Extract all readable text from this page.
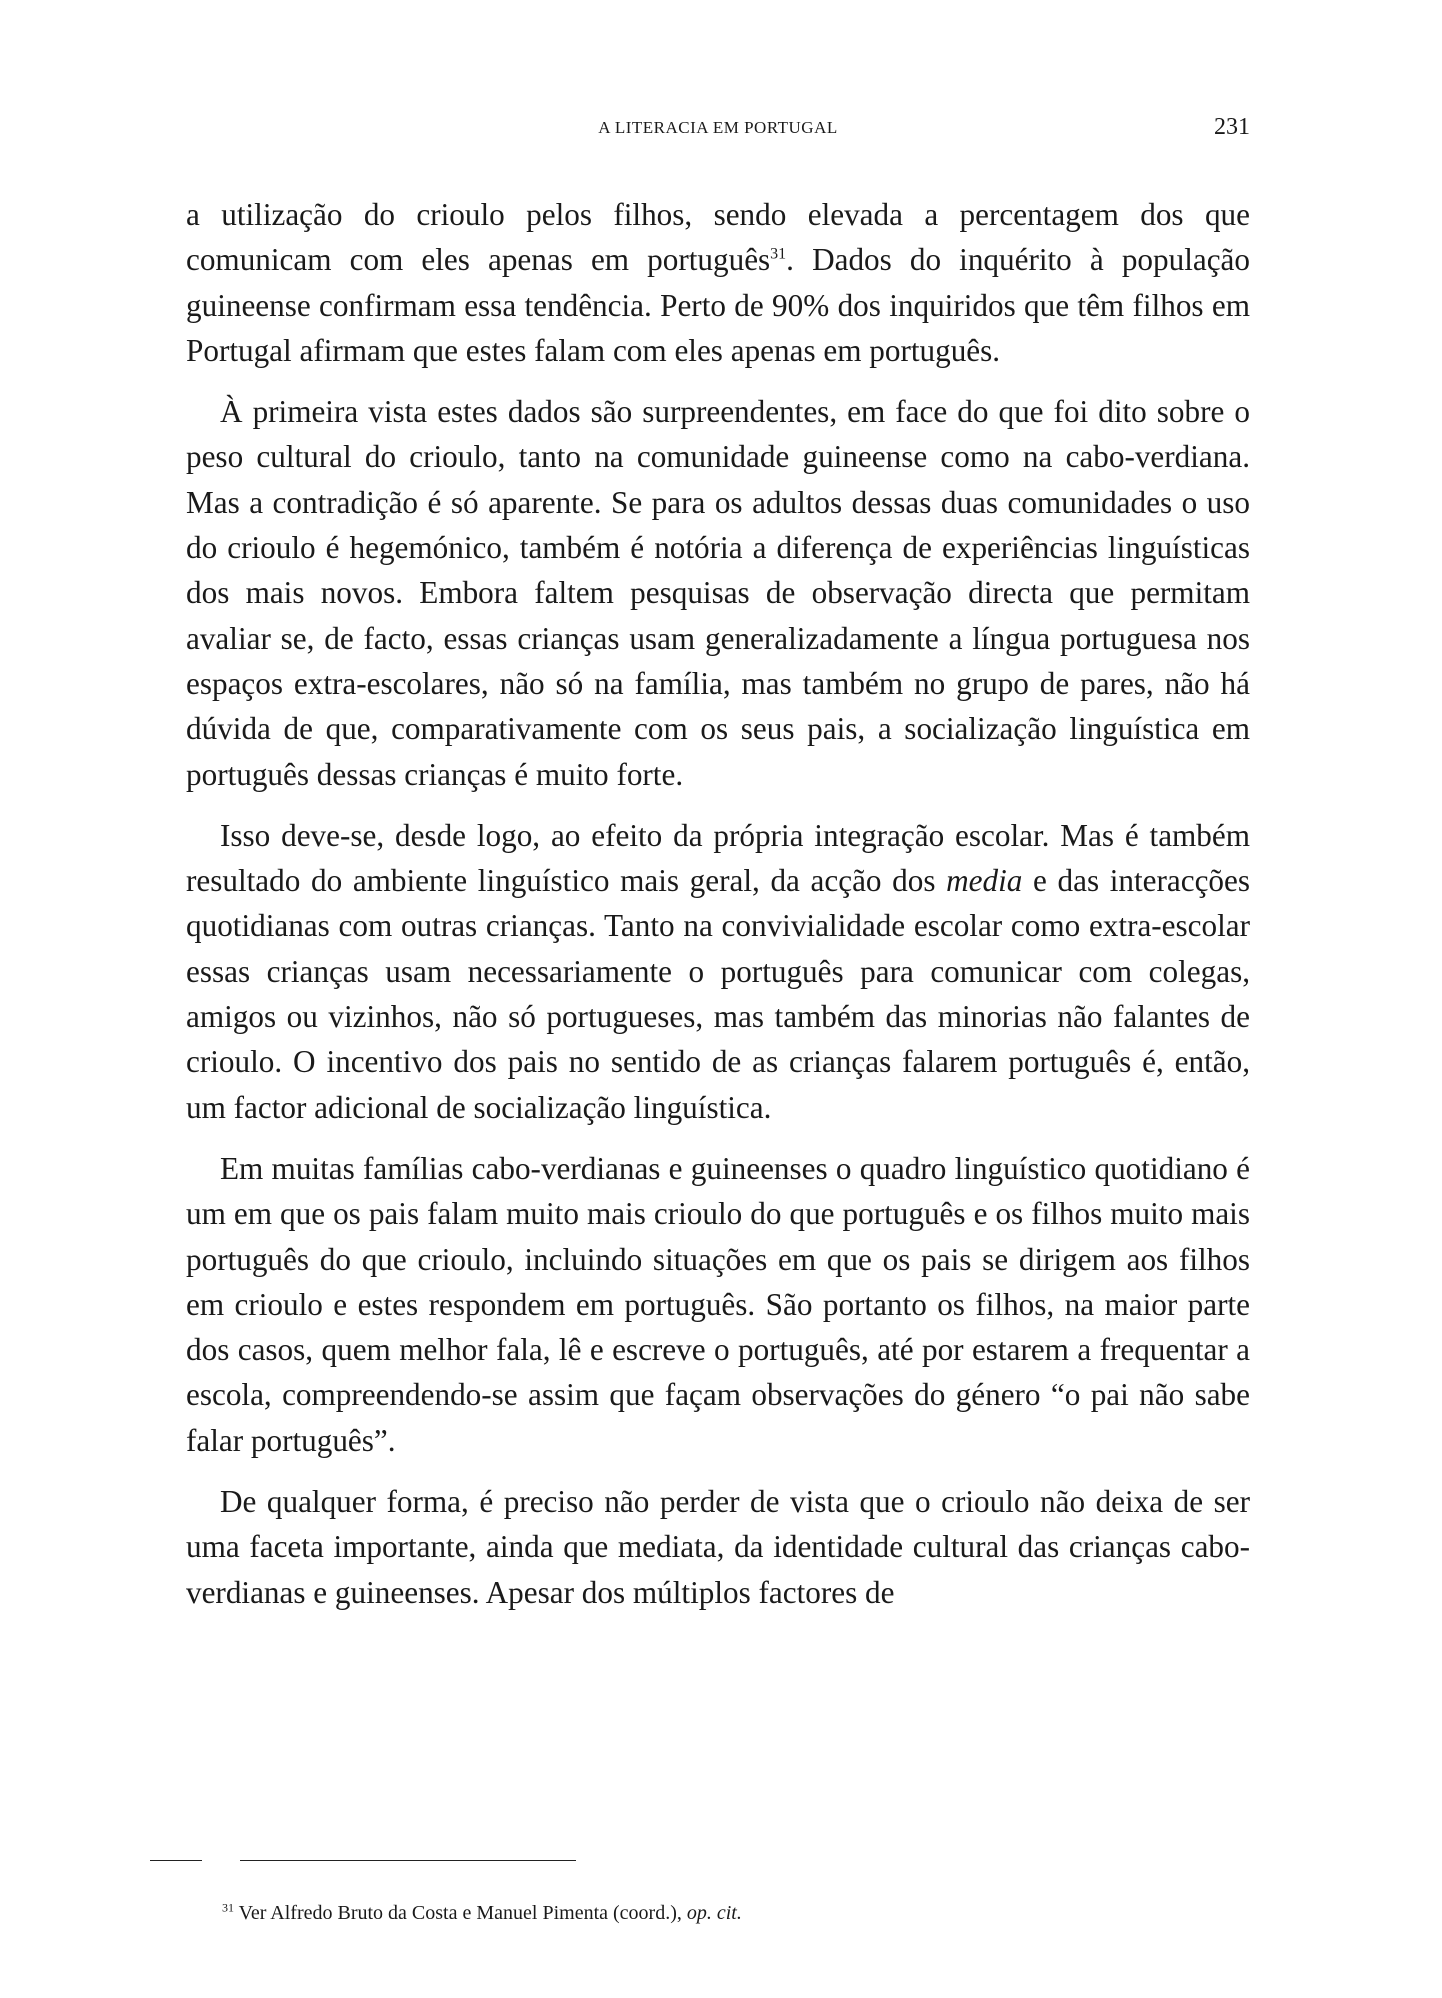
A LITERACIA EM PORTUGAL	231

a utilização do crioulo pelos filhos, sendo elevada a percentagem dos que comunicam com eles apenas em português$^{31}$. Dados do inquérito à população guineense confirmam essa tendência. Perto de 90% dos inquiridos que têm filhos em Portugal afirmam que estes falam com eles apenas em português.

À primeira vista estes dados são surpreendentes, em face do que foi dito sobre o peso cultural do crioulo, tanto na comunidade guineense como na cabo-verdiana. Mas a contradição é só aparente. Se para os adultos dessas duas comunidades o uso do crioulo é hegemónico, também é notória a diferença de experiências linguísticas dos mais novos. Embora faltem pesquisas de observação directa que permitam avaliar se, de facto, essas crianças usam generalizadamente a língua portuguesa nos espaços extra-escolares, não só na família, mas também no grupo de pares, não há dúvida de que, comparativamente com os seus pais, a socialização linguística em português dessas crianças é muito forte.

Isso deve-se, desde logo, ao efeito da própria integração escolar. Mas é também resultado do ambiente linguístico mais geral, da acção dos media e das interacções quotidianas com outras crianças. Tanto na convivialidade escolar como extra-escolar essas crianças usam necessariamente o português para comunicar com colegas, amigos ou vizinhos, não só portugueses, mas também das minorias não falantes de crioulo. O incentivo dos pais no sentido de as crianças falarem português é, então, um factor adicional de socialização linguística.

Em muitas famílias cabo-verdianas e guineenses o quadro linguístico quotidiano é um em que os pais falam muito mais crioulo do que português e os filhos muito mais português do que crioulo, incluindo situações em que os pais se dirigem aos filhos em crioulo e estes respondem em português. São portanto os filhos, na maior parte dos casos, quem melhor fala, lê e escreve o português, até por estarem a frequentar a escola, compreendendo-se assim que façam observações do género “o pai não sabe falar português”.

De qualquer forma, é preciso não perder de vista que o crioulo não deixa de ser uma faceta importante, ainda que mediata, da identidade cultural das crianças cabo-verdianas e guineenses. Apesar dos múltiplos factores de

$^{31}$ Ver Alfredo Bruto da Costa e Manuel Pimenta (coord.), op. cit.
